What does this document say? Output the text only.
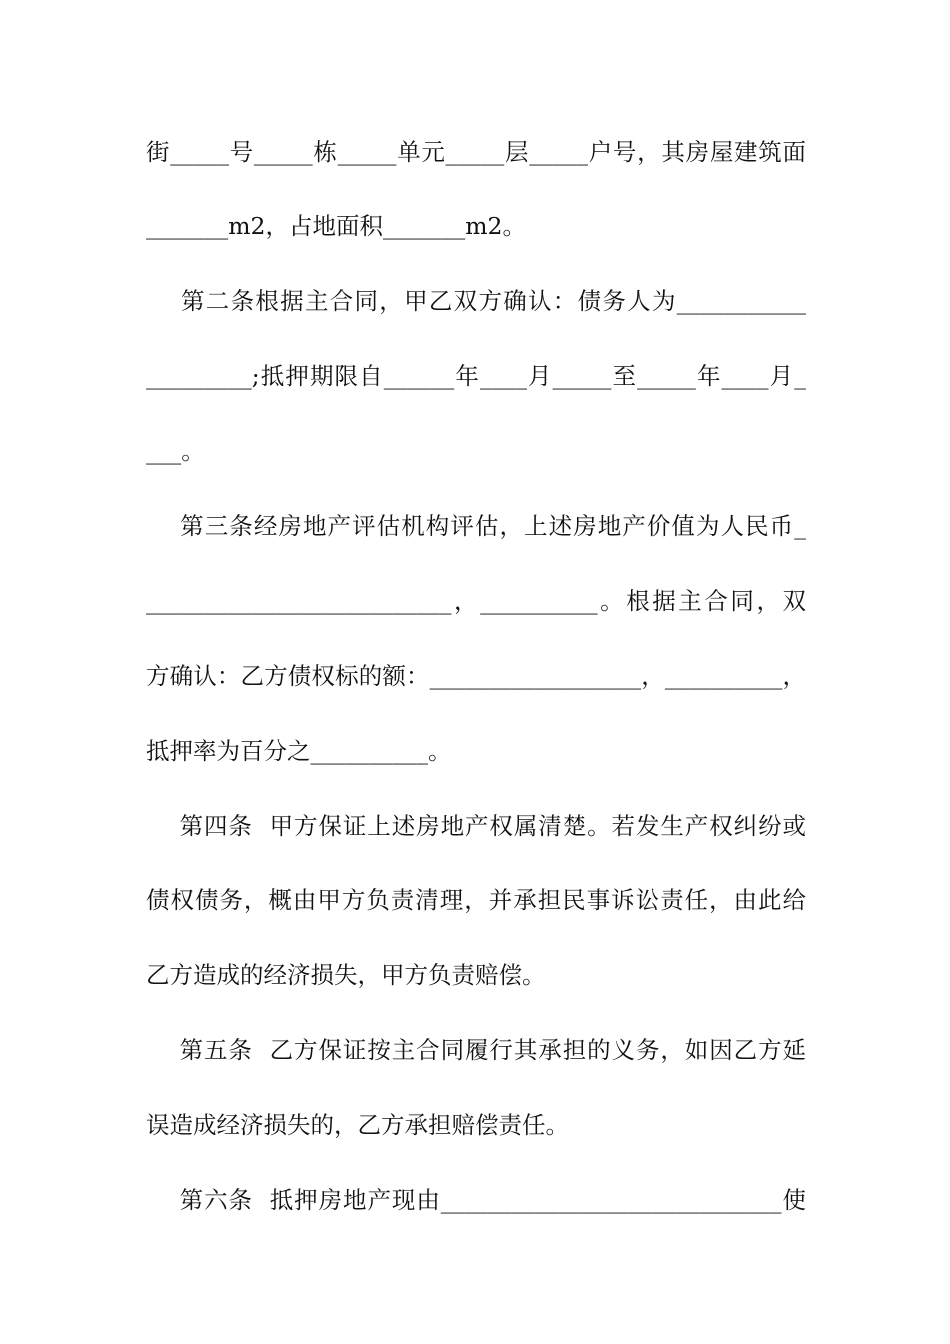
街_____号_____栋_____单元_____层_____户号，其房屋建筑面
_______m2，占地面积_______m2。
第二条根据主合同，甲乙双方确认：债务人为___________
_________;抵押期限自______年____月_____至_____年____月_
___。
第三条经房地产评估机构评估，上述房地产价值为人民币_
__________________________，__________。根据主合同，双
方确认：乙方债权标的额：__________________，__________，
抵押率为百分之__________。
第四条  甲方保证上述房地产权属清楚。若发生产权纠纷或
债权债务，概由甲方负责清理，并承担民事诉讼责任，由此给
乙方造成的经济损失，甲方负责赔偿。
第五条  乙方保证按主合同履行其承担的义务，如因乙方延
误造成经济损失的，乙方承担赔偿责任。
第六条  抵押房地产现由_____________________________使
